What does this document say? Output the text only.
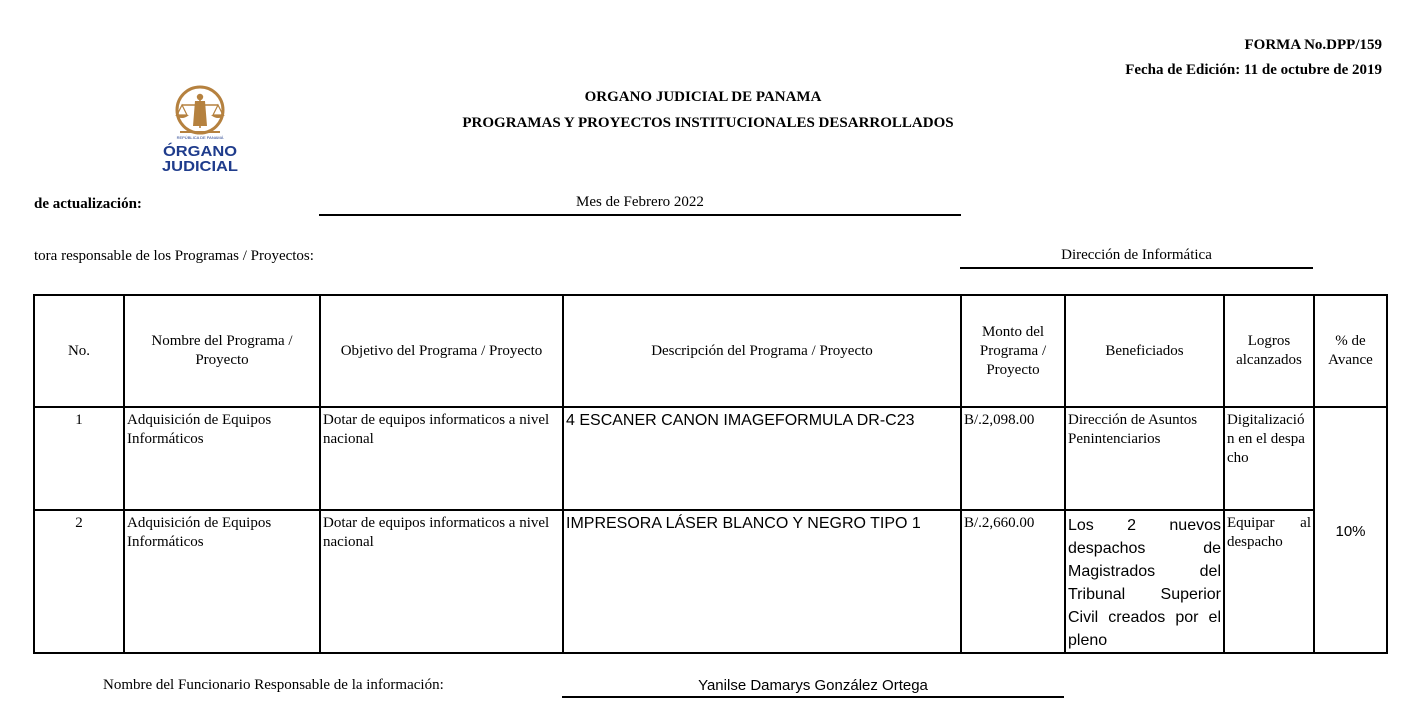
FORMA No.DPP/159
Fecha de Edición: 11 de octubre de 2019
REPÚBLICA DE PANAMÁ
ÓRGANO
JUDICIAL
ORGANO JUDICIAL DE PANAMA
PROGRAMAS Y PROYECTOS INSTITUCIONALES DESARROLLADOS
de actualización:	Mes de Febrero 2022
tora responsable de los Programas / Proyectos:	Dirección de Informática
No.	Nombre del Programa / Proyecto	Objetivo del Programa / Proyecto	Descripción del Programa / Proyecto	Monto del Programa / Proyecto	Beneficiados	Logros alcanzados	% de Avance
1	Adquisición de Equipos Informáticos	Dotar de equipos informaticos a nivel nacional	4 ESCANER CANON IMAGEFORMULA DR-C23	B/.2,098.00	Dirección de Asuntos Penintenciarios	Digitalización en el despacho	10%
2	Adquisición de Equipos Informáticos	Dotar de equipos informaticos a nivel nacional	IMPRESORA LÁSER BLANCO Y NEGRO TIPO 1	B/.2,660.00	Los 2 nuevos despachos de Magistrados del Tribunal Superior Civil creados por el pleno	Equipar al despacho	
Nombre del Funcionario Responsable de la información:	Yanilse Damarys González Ortega
